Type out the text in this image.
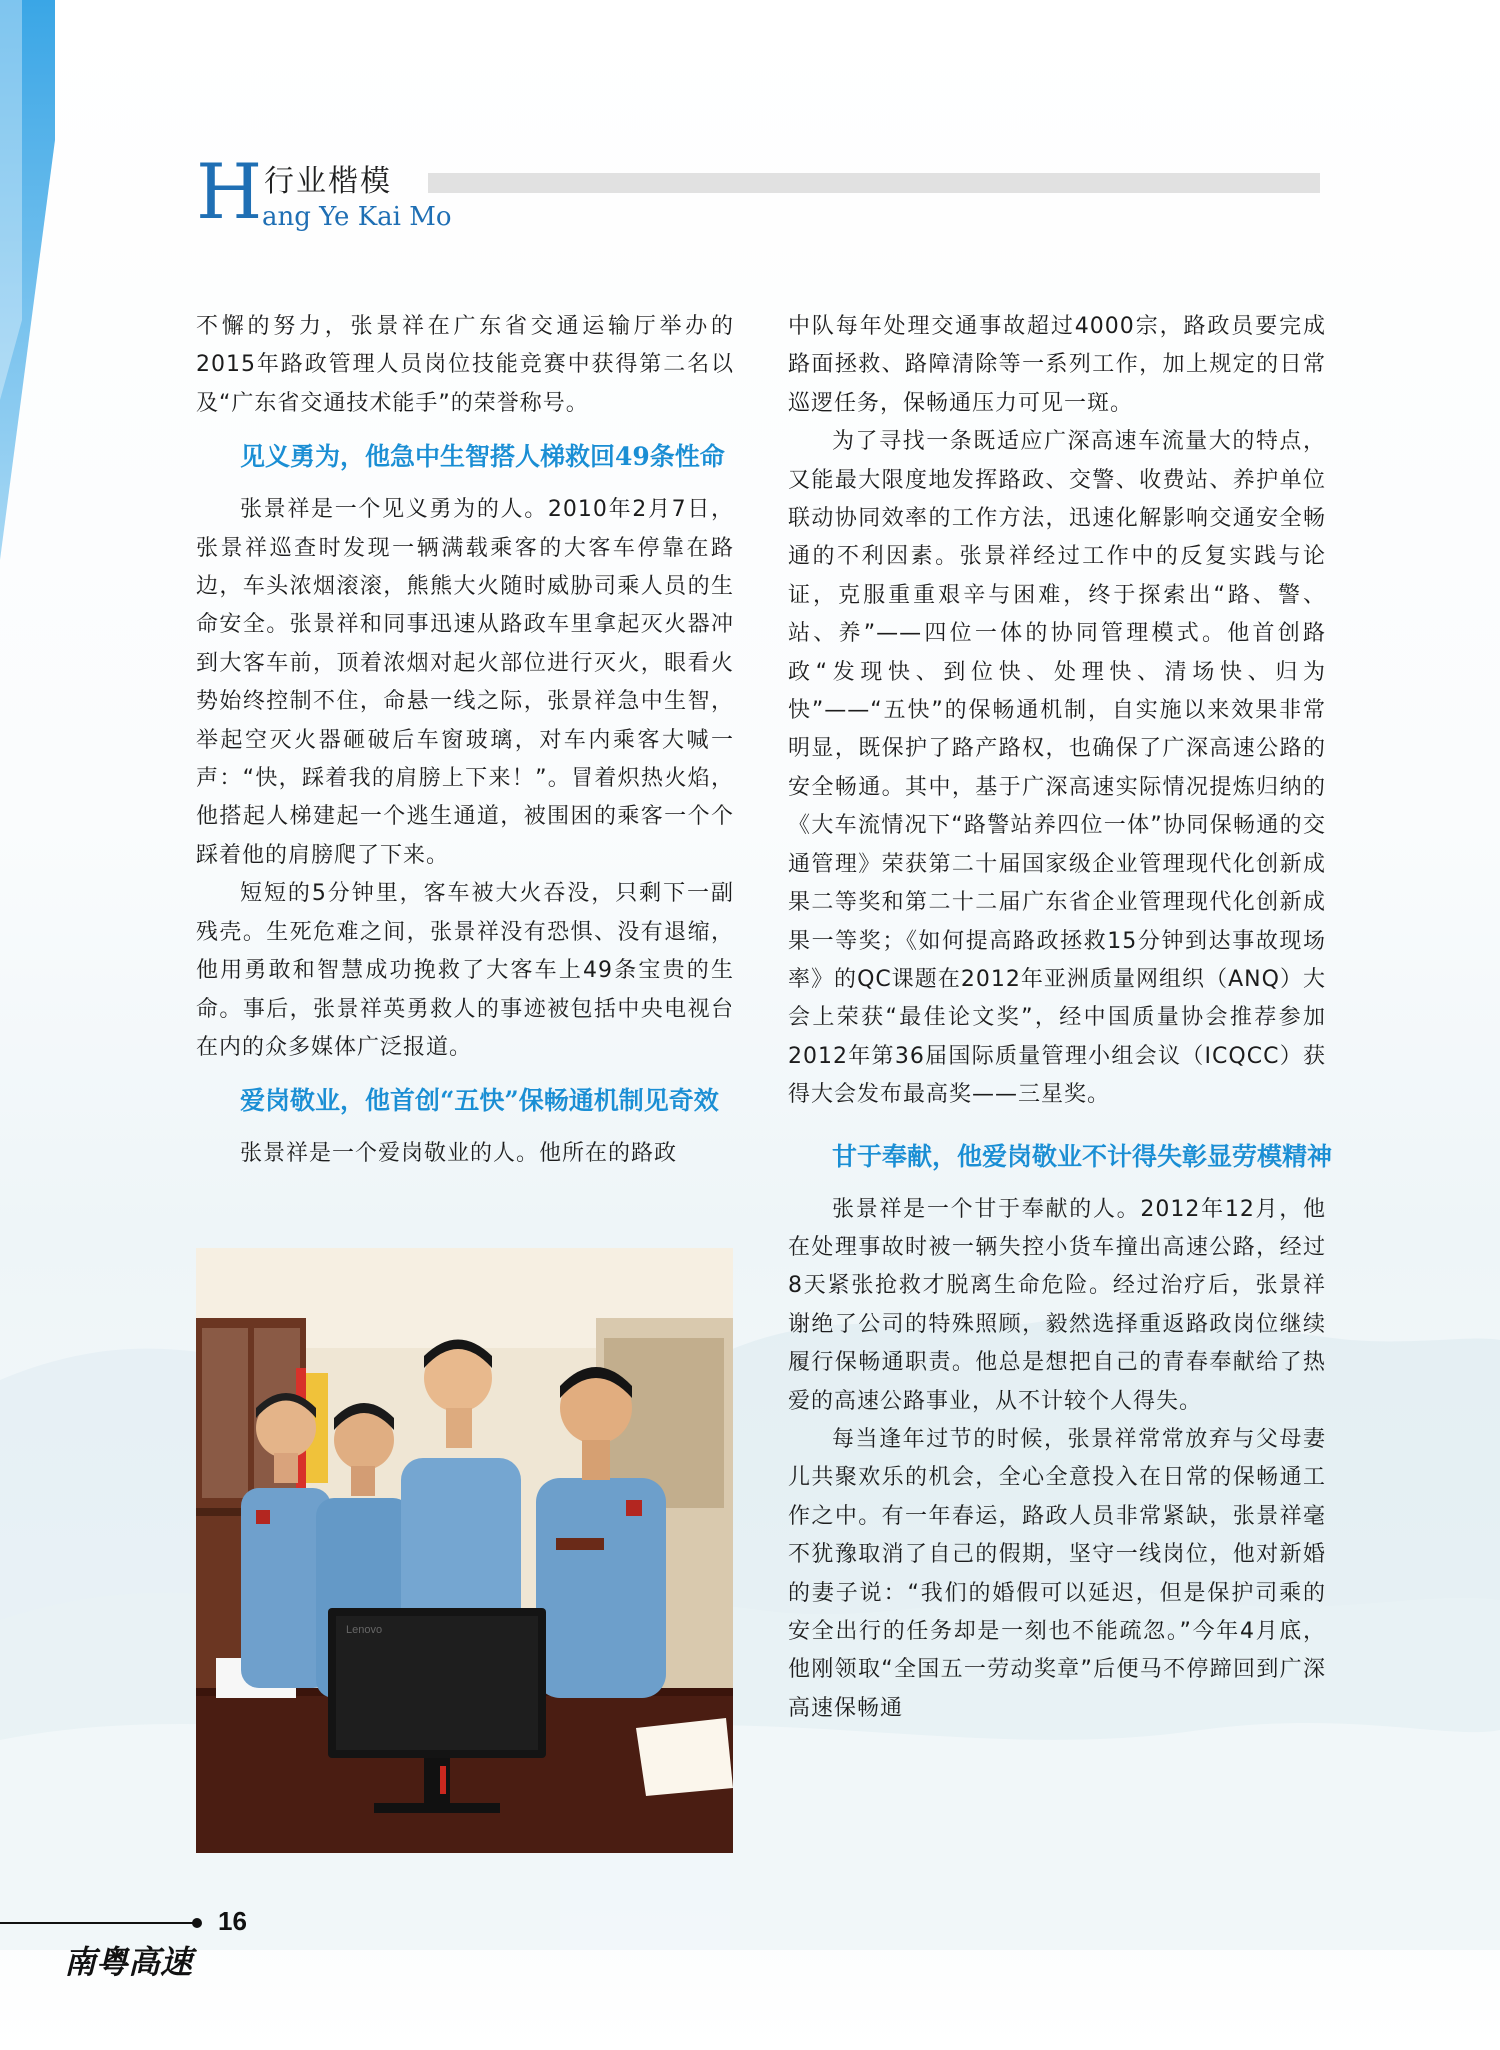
H 行业楷模
ang Ye Kai Mo

不懈的努力，张景祥在广东省交通运输厅举办的2015年路政管理人员岗位技能竞赛中获得第二名以及“广东省交通技术能手”的荣誉称号。

见义勇为，他急中生智搭人梯救回49条性命

张景祥是一个见义勇为的人。2010年2月7日，张景祥巡查时发现一辆满载乘客的大客车停靠在路边，车头浓烟滚滚，熊熊大火随时威胁司乘人员的生命安全。张景祥和同事迅速从路政车里拿起灭火器冲到大客车前，顶着浓烟对起火部位进行灭火，眼看火势始终控制不住，命悬一线之际，张景祥急中生智，举起空灭火器砸破后车窗玻璃，对车内乘客大喊一声：“快，踩着我的肩膀上下来！”。冒着炽热火焰，他搭起人梯建起一个逃生通道，被围困的乘客一个个踩着他的肩膀爬了下来。

短短的5分钟里，客车被大火吞没，只剩下一副残壳。生死危难之间，张景祥没有恐惧、没有退缩，他用勇敢和智慧成功挽救了大客车上49条宝贵的生命。事后，张景祥英勇救人的事迹被包括中央电视台在内的众多媒体广泛报道。

爱岗敬业，他首创“五快”保畅通机制见奇效

张景祥是一个爱岗敬业的人。他所在的路政

Lenovo

中队每年处理交通事故超过4000宗，路政员要完成路面拯救、路障清除等一系列工作，加上规定的日常巡逻任务，保畅通压力可见一斑。

为了寻找一条既适应广深高速车流量大的特点，又能最大限度地发挥路政、交警、收费站、养护单位联动协同效率的工作方法，迅速化解影响交通安全畅通的不利因素。张景祥经过工作中的反复实践与论证，克服重重艰辛与困难，终于探索出“路、警、站、养”——四位一体的协同管理模式。他首创路政“发现快、到位快、处理快、清场快、归为快”——“五快”的保畅通机制，自实施以来效果非常明显，既保护了路产路权，也确保了广深高速公路的安全畅通。其中，基于广深高速实际情况提炼归纳的《大车流情况下“路警站养四位一体”协同保畅通的交通管理》荣获第二十届国家级企业管理现代化创新成果二等奖和第二十二届广东省企业管理现代化创新成果一等奖；《如何提高路政拯救15分钟到达事故现场率》的QC课题在2012年亚洲质量网组织（ANQ）大会上荣获“最佳论文奖”，经中国质量协会推荐参加2012年第36届国际质量管理小组会议（ICQCC）获得大会发布最高奖——三星奖。

甘于奉献，他爱岗敬业不计得失彰显劳模精神

张景祥是一个甘于奉献的人。2012年12月，他在处理事故时被一辆失控小货车撞出高速公路，经过8天紧张抢救才脱离生命危险。经过治疗后，张景祥谢绝了公司的特殊照顾，毅然选择重返路政岗位继续履行保畅通职责。他总是想把自己的青春奉献给了热爱的高速公路事业，从不计较个人得失。

每当逢年过节的时候，张景祥常常放弃与父母妻儿共聚欢乐的机会，全心全意投入在日常的保畅通工作之中。有一年春运，路政人员非常紧缺，张景祥毫不犹豫取消了自己的假期，坚守一线岗位，他对新婚的妻子说：“我们的婚假可以延迟，但是保护司乘的安全出行的任务却是一刻也不能疏忽。”今年4月底，他刚领取“全国五一劳动奖章”后便马不停蹄回到广深高速保畅通

16
南粤高速
